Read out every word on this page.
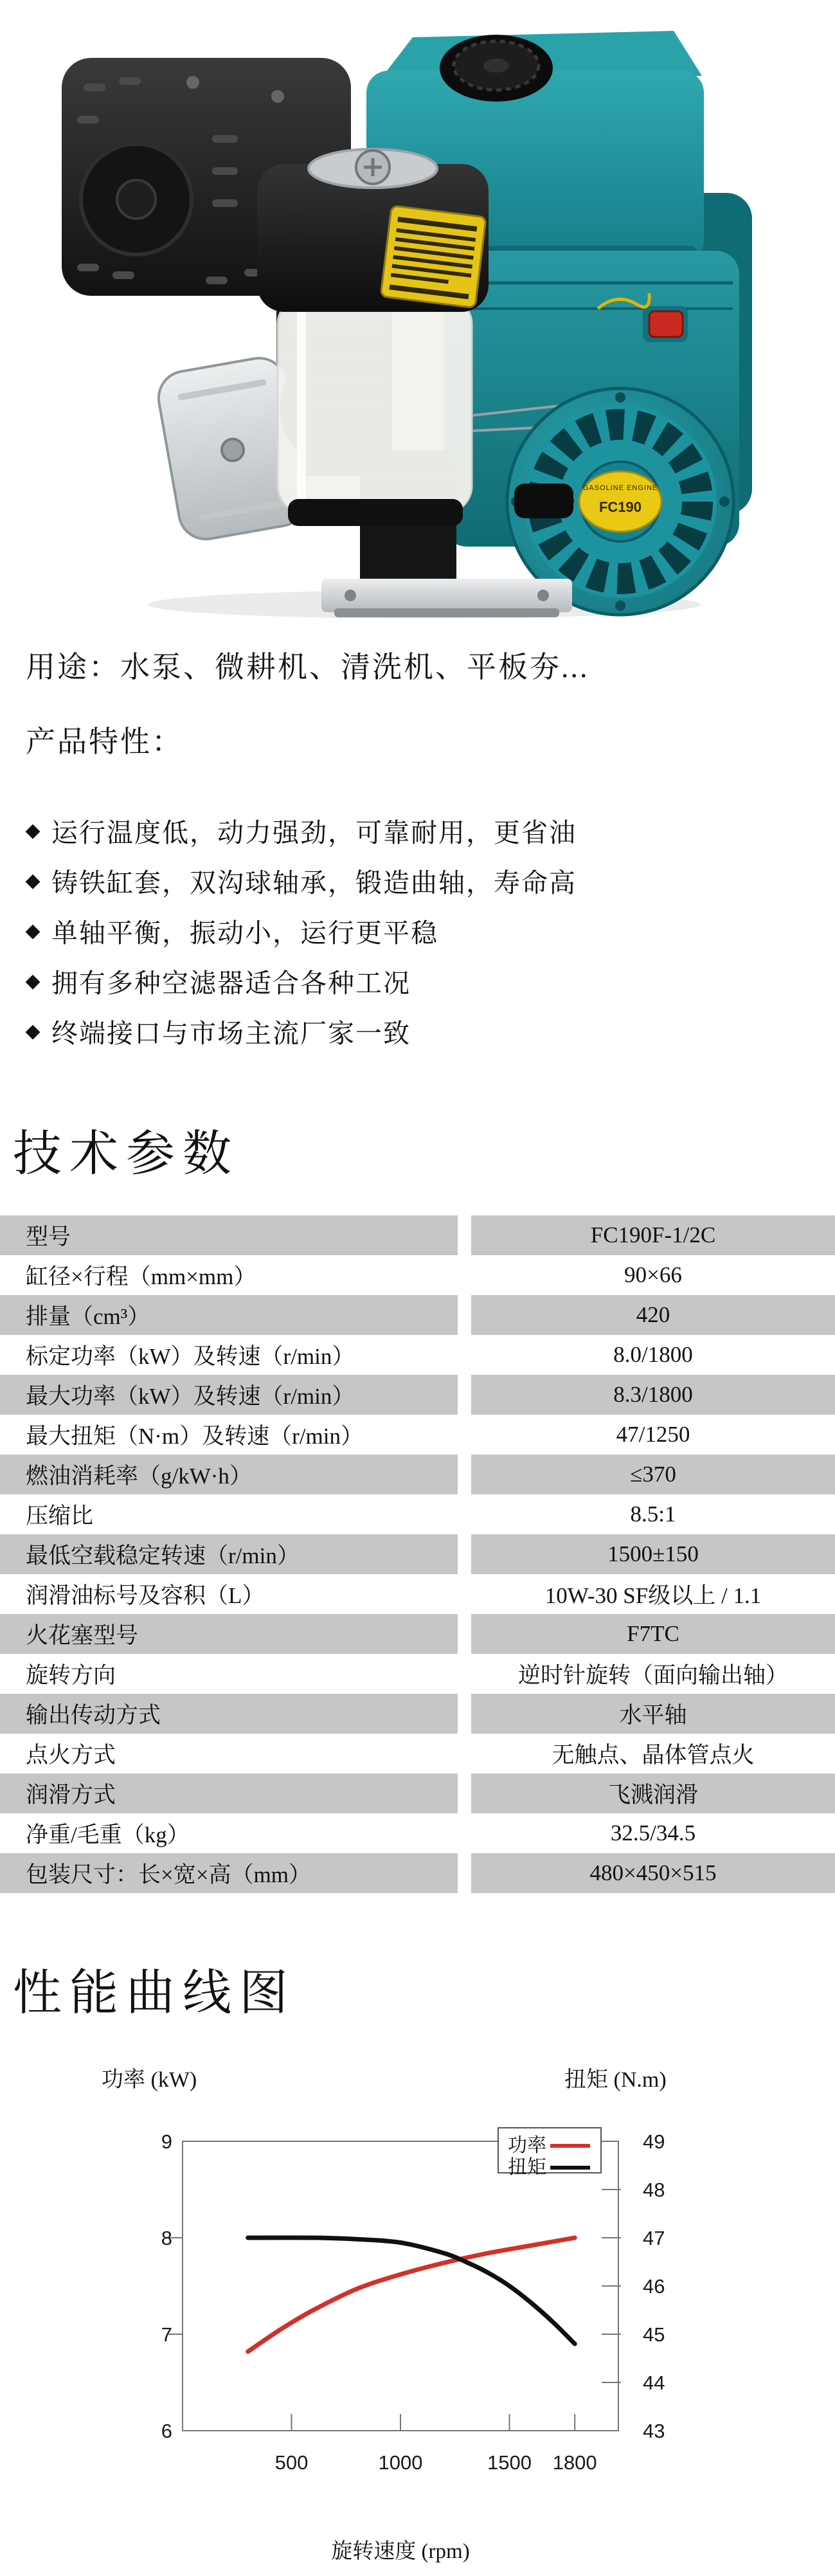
GASOLINE ENGINE
FC190
用途：水泵、微耕机、清洗机、平板夯...
产品特性：
◆ 运行温度低，动力强劲，可靠耐用，更省油
◆ 铸铁缸套，双沟球轴承，锻造曲轴，寿命高
◆ 单轴平衡，振动小，运行更平稳
◆ 拥有多种空滤器适合各种工况
◆ 终端接口与市场主流厂家一致
技术参数
型号	FC190F-1/2C
缸径×行程（mm×mm）	90×66
排量（cm³）	420
标定功率（kW）及转速（r/min）	8.0/1800
最大功率（kW）及转速（r/min）	8.3/1800
最大扭矩（N·m）及转速（r/min）	47/1250
燃油消耗率（g/kW·h）	≤370
压缩比	8.5:1
最低空载稳定转速（r/min）	1500±150
润滑油标号及容积（L）	10W-30 SF级以上 / 1.1
火花塞型号	F7TC
旋转方向	逆时针旋转（面向输出轴）
输出传动方式	水平轴
点火方式	无触点、晶体管点火
润滑方式	飞溅润滑
净重/毛重（kg）	32.5/34.5
包装尺寸：长×宽×高（mm）	480×450×515
性能曲线图
功率 (kW)	扭矩 (N.m)
9
8
7
6
49
48
47
46
45
44
43
500	1000	1500 1800
旋转速度 (rpm)
功率
扭矩
